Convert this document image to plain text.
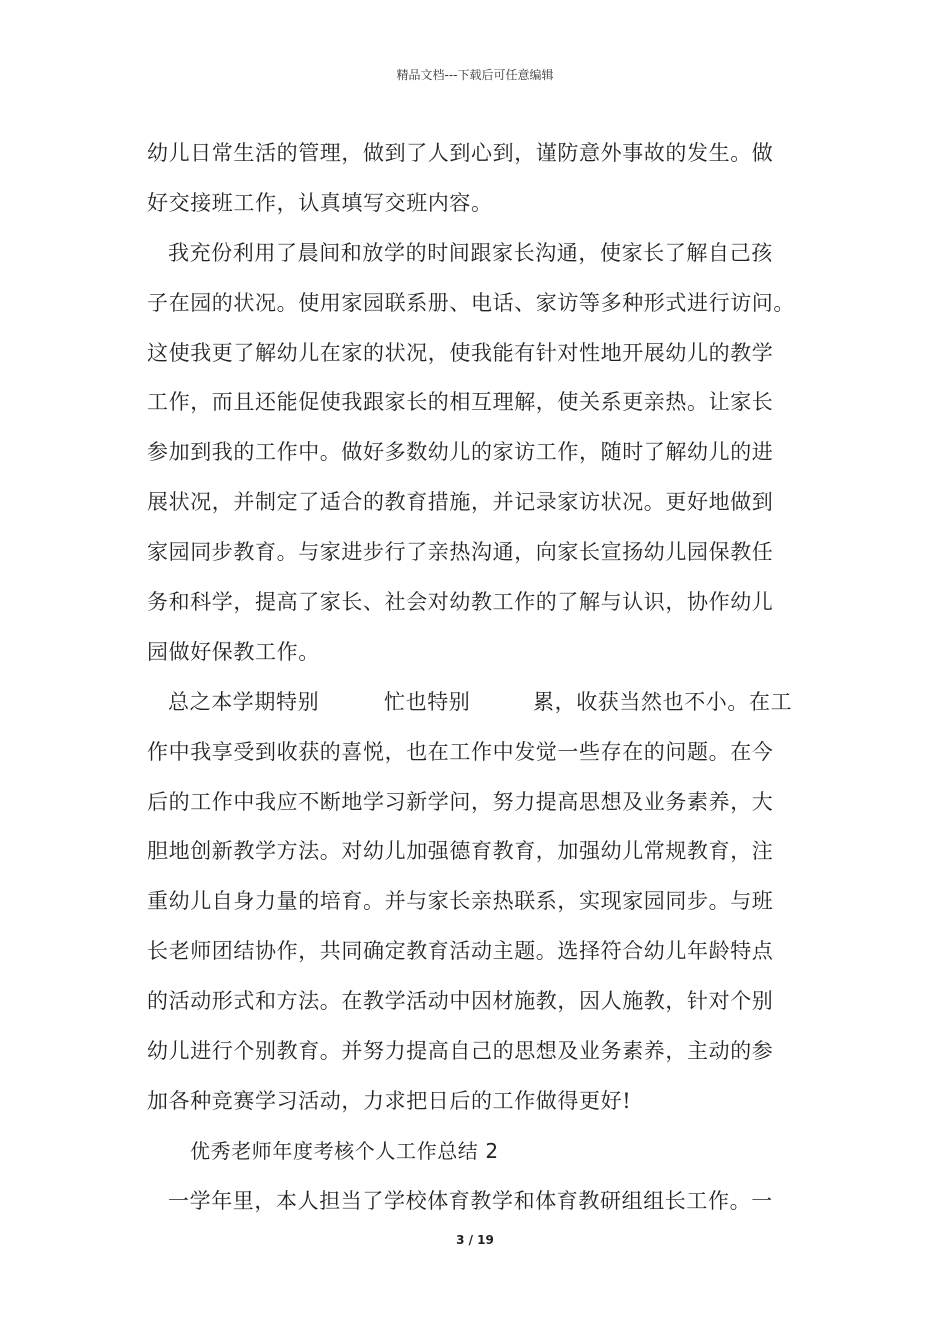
精品文档---下载后可任意编辑
幼儿日常生活的管理，做到了人到心到，谨防意外事故的发生。做
好交接班工作，认真填写交班内容。
我充份利用了晨间和放学的时间跟家长沟通，使家长了解自己孩
子在园的状况。使用家园联系册、电话、家访等多种形式进行访问。
这使我更了解幼儿在家的状况，使我能有针对性地开展幼儿的教学
工作，而且还能促使我跟家长的相互理解，使关系更亲热。让家长
参加到我的工作中。做好多数幼儿的家访工作，随时了解幼儿的进
展状况，并制定了适合的教育措施，并记录家访状况。更好地做到
家园同步教育。与家进步行了亲热沟通，向家长宣扬幼儿园保教任
务和科学，提高了家长、社会对幼教工作的了解与认识，协作幼儿
园做好保教工作。
总之本学期特别	忙也特别	累，收获当然也不小。在工
作中我享受到收获的喜悦，也在工作中发觉一些存在的问题。在今
后的工作中我应不断地学习新学问，努力提高思想及业务素养，大
胆地创新教学方法。对幼儿加强德育教育，加强幼儿常规教育，注
重幼儿自身力量的培育。并与家长亲热联系，实现家园同步。与班
长老师团结协作，共同确定教育活动主题。选择符合幼儿年龄特点
的活动形式和方法。在教学活动中因材施教，因人施教，针对个别
幼儿进行个别教育。并努力提高自己的思想及业务素养，主动的参
加各种竞赛学习活动，力求把日后的工作做得更好!
优秀老师年度考核个人工作总结 2
一学年里，本人担当了学校体育教学和体育教研组组长工作。一
3 / 19
